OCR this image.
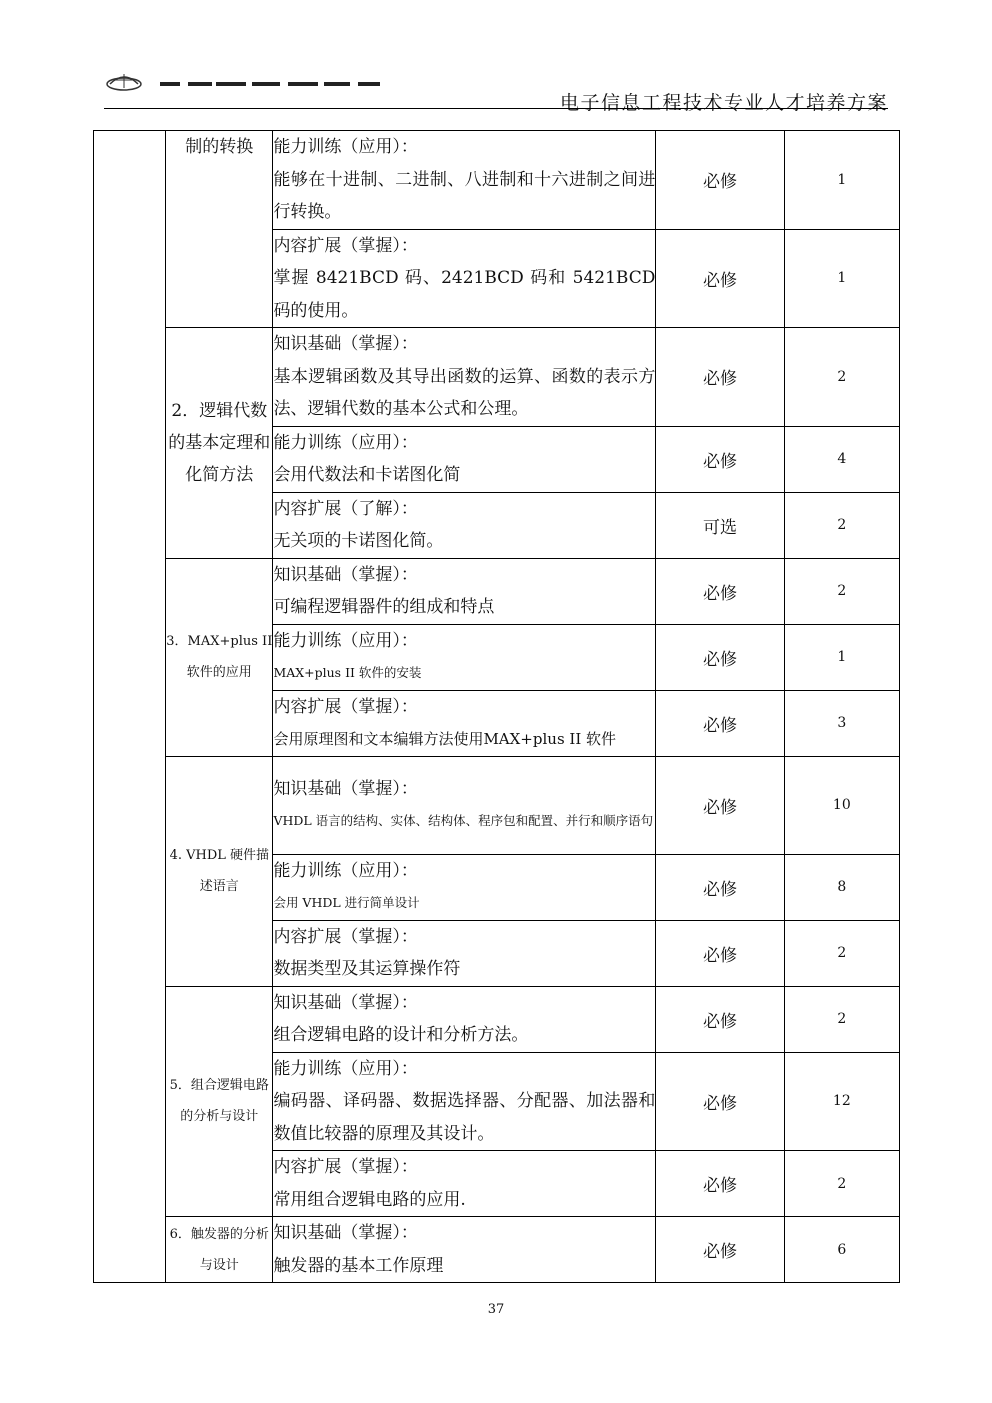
电子信息工程技术专业人才培养方案
	制的转换	能力训练（应用）：
能够在十进制、二进制、八进制和十六进制之间进行转换。	必修	1

		内容扩展（掌握）：
掌握 8421BCD 码、2421BCD 码和 5421BCD 码的使用。	必修	1
	2．逻辑代数的基本定理和化简方法	知识基础（掌握）：
基本逻辑函数及其导出函数的运算、函数的表示方法、逻辑代数的基本公式和公理。	必修	2

		能力训练（应用）：
会用代数法和卡诺图化简	必修	4

		内容扩展（了解）：
无关项的卡诺图化简。	可选	2
	3．MAX+plus II 软件的应用	知识基础（掌握）：
可编程逻辑器件的组成和特点	必修	2

		能力训练（应用）：
MAX+plus II 软件的安装	必修	1

		内容扩展（掌握）：
会用原理图和文本编辑方法使用MAX+plus II 软件	必修	3
	4. VHDL 硬件描述语言	知识基础（掌握）：
VHDL 语言的结构、实体、结构体、程序包和配置、并行和顺序语句	必修	10

		能力训练（应用）：
会用 VHDL 进行简单设计	必修	8

		内容扩展（掌握）：
数据类型及其运算操作符	必修	2
	5．组合逻辑电路的分析与设计	知识基础（掌握）：
组合逻辑电路的设计和分析方法。	必修	2

		能力训练（应用）：
编码器、译码器、数据选择器、分配器、加法器和数值比较器的原理及其设计。	必修	12

		内容扩展（掌握）：
常用组合逻辑电路的应用.	必修	2
	6．触发器的分析与设计	知识基础（掌握）：
触发器的基本工作原理	必修	6
37
